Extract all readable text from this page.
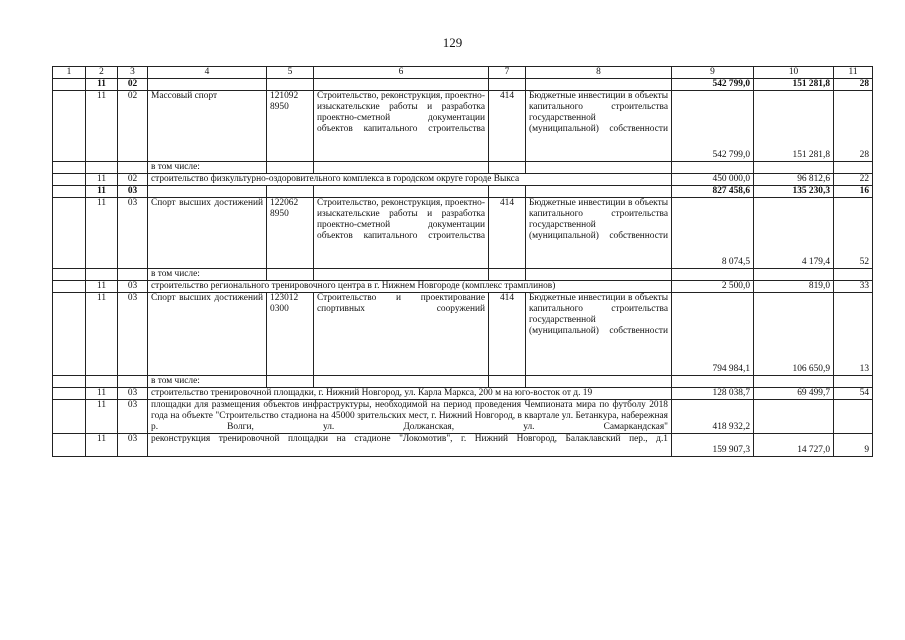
129
1	2	3	4	5	6	7	8	9	10	11
	11	02						542 799,0	151 281,8	28
	11	02	Массовый спорт	121092 8950	Строительство, реконструкция, проектно-изыскательские работы и разработка проектно-сметной документации объектов капитального строительства	414	Бюджетные инвестиции в объекты капитального строительства государственной (муниципальной) собственности	542 799,0	151 281,8	28
			в том числе:							
	11	02	строительство физкультурно-оздоровительного комплекса в городском округе городе Выкса					450 000,0	96 812,6	22
	11	03						827 458,6	135 230,3	16
	11	03	Спорт высших достижений	122062 8950	Строительство, реконструкция, проектно-изыскательские работы и разработка проектно-сметной документации объектов капитального строительства	414	Бюджетные инвестиции в объекты капитального строительства государственной (муниципальной) собственности	8 074,5	4 179,4	52
			в том числе:							
	11	03	строительство регионального тренировочного центра в г. Нижнем Новгороде (комплекс трамплинов)					2 500,0	819,0	33
	11	03	Спорт высших достижений	123012 0300	Строительство и проектирование спортивных сооружений	414	Бюджетные инвестиции в объекты капитального строительства государственной (муниципальной) собственности	794 984,1	106 650,9	13
			в том числе:							
	11	03	строительство тренировочной площадки, г. Нижний Новгород, ул. Карла Маркса, 200 м на юго-восток от д. 19					128 038,7	69 499,7	54
	11	03	площадки для размещения объектов инфраструктуры, необходимой на период проведения Чемпионата мира по футболу 2018 года на объекте "Строительство стадиона на 45000 зрительских мест, г. Нижний Новгород, в квартале ул. Бетанкура, набережная р. Волги, ул. Должанская, ул. Самаркандская"					418 932,2		
	11	03	реконструкция тренировочной площадки на стадионе "Локомотив", г. Нижний Новгород, Балаклавский пер., д.1					159 907,3	14 727,0	9
